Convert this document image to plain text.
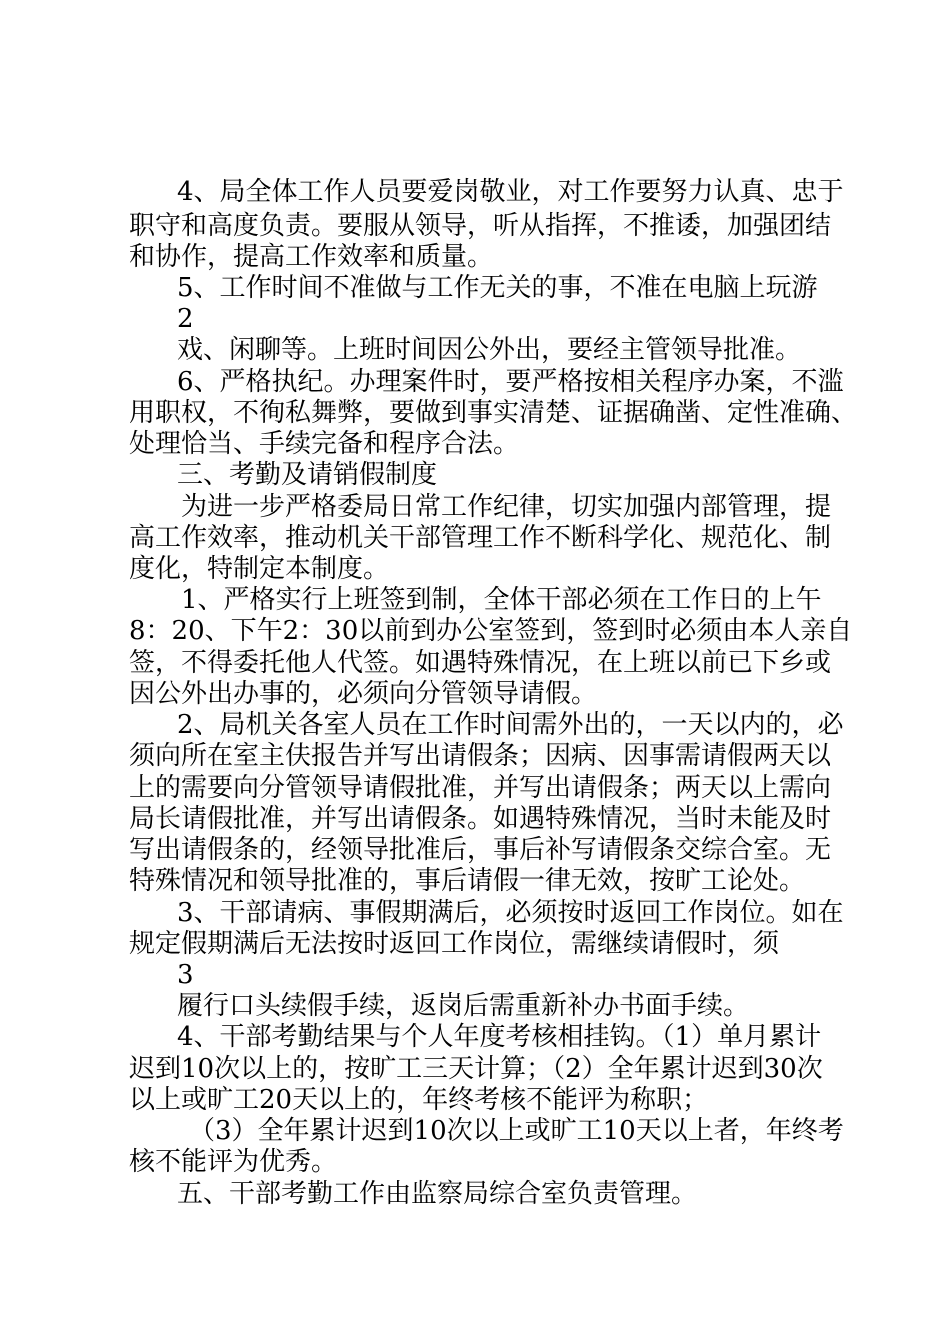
4、局全体工作人员要爱岗敬业，对工作要努力认真、忠于
职守和高度负责。要服从领导，听从指挥，不推诿，加强团结
和协作，提高工作效率和质量。
5、工作时间不准做与工作无关的事，不准在电脑上玩游
2
戏、闲聊等。上班时间因公外出，要经主管领导批准。
6、严格执纪。办理案件时，要严格按相关程序办案，不滥
用职权，不徇私舞弊，要做到事实清楚、证据确凿、定性准确、
处理恰当、手续完备和程序合法。
三、考勤及请销假制度
为进一步严格委局日常工作纪律，切实加强内部管理，提
高工作效率，推动机关干部管理工作不断科学化、规范化、制
度化，特制定本制度。
1、严格实行上班签到制，全体干部必须在工作日的上午
8：20、下午2：30以前到办公室签到，签到时必须由本人亲自
签，不得委托他人代签。如遇特殊情况，在上班以前已下乡或
因公外出办事的，必须向分管领导请假。
2、局机关各室人员在工作时间需外出的，一天以内的，必
须向所在室主伕报告并写出请假条；因病、因事需请假两天以
上的需要向分管领导请假批准，并写出请假条；两天以上需向
局长请假批准，并写出请假条。如遇特殊情况，当时未能及时
写出请假条的，经领导批准后，事后补写请假条交综合室。无
特殊情况和领导批准的，事后请假一律无效，按旷工论处。
3、干部请病、事假期满后，必须按时返回工作岗位。如在
规定假期满后无法按时返回工作岗位，需继续请假时，须
3
履行口头续假手续，返岗后需重新补办书面手续。
4、干部考勤结果与个人年度考核相挂钩。（1）单月累计
迟到10次以上的，按旷工三天计算；（2）全年累计迟到30次
以上或旷工20天以上的，年终考核不能评为称职；
（3）全年累计迟到10次以上或旷工10天以上者，年终考
核不能评为优秀。
五、干部考勤工作由监察局综合室负责管理。
